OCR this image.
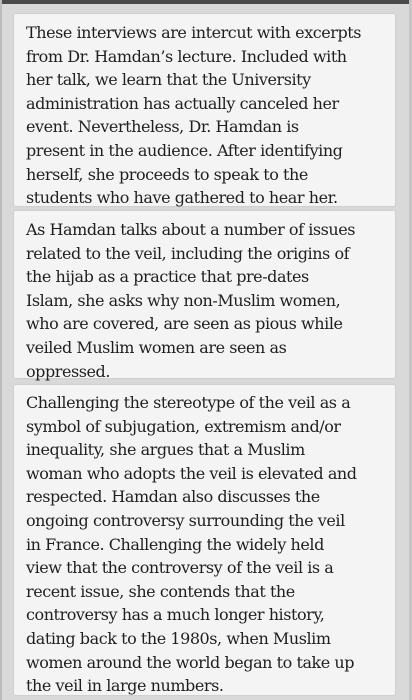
These interviews are intercut with excerpts
from Dr. Hamdan’s lecture. Included with
her talk, we learn that the University
administration has actually canceled her
event. Nevertheless, Dr. Hamdan is
present in the audience. After identifying
herself, she proceeds to speak to the
students who have gathered to hear her.

As Hamdan talks about a number of issues
related to the veil, including the origins of
the hijab as a practice that pre-dates
Islam, she asks why non-Muslim women,
who are covered, are seen as pious while
veiled Muslim women are seen as
oppressed.

Challenging the stereotype of the veil as a
symbol of subjugation, extremism and/or
inequality, she argues that a Muslim
woman who adopts the veil is elevated and
respected. Hamdan also discusses the
ongoing controversy surrounding the veil
in France. Challenging the widely held
view that the controversy of the veil is a
recent issue, she contends that the
controversy has a much longer history,
dating back to the 1980s, when Muslim
women around the world began to take up
the veil in large numbers.
